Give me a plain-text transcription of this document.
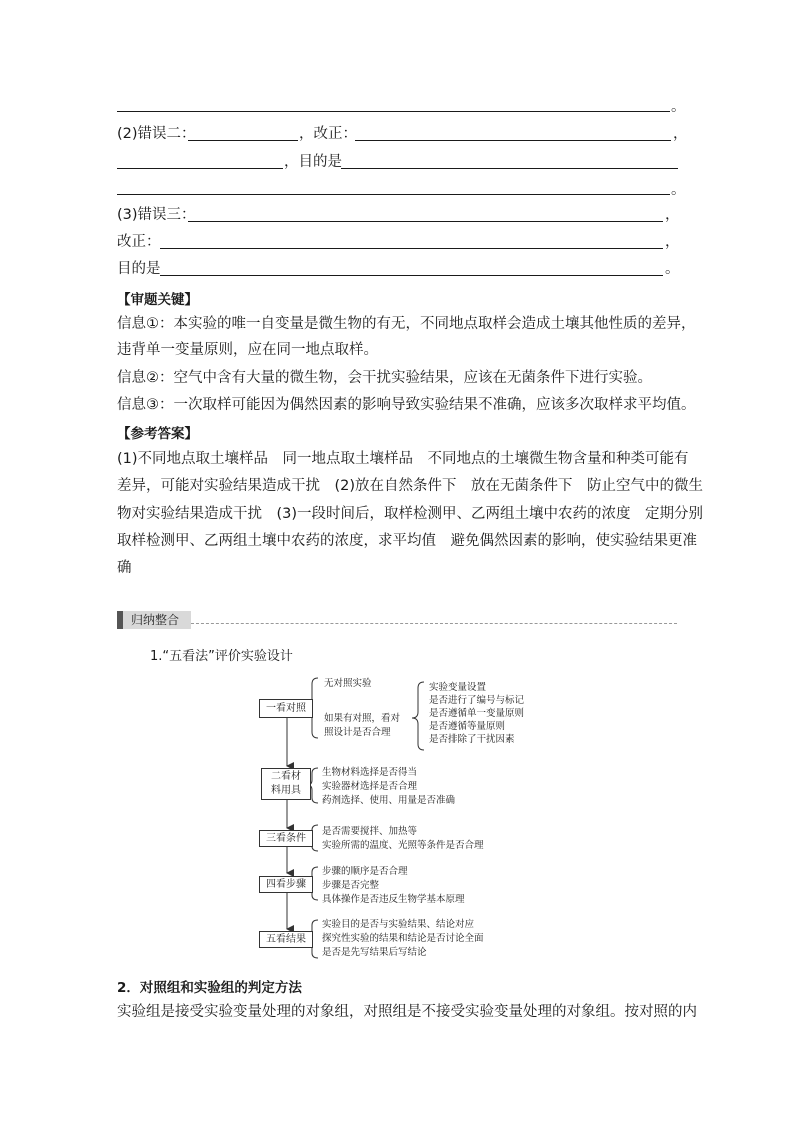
。
(2)错误二：	，改正：	，
，目的是
。
(3)错误三：	，
改正：	，
目的是	。
【审题关键】
信息①：本实验的唯一自变量是微生物的有无，不同地点取样会造成土壤其他性质的差异，
违背单一变量原则，应在同一地点取样。
信息②：空气中含有大量的微生物，会干扰实验结果，应该在无菌条件下进行实验。
信息③：一次取样可能因为偶然因素的影响导致实验结果不准确，应该多次取样求平均值。
【参考答案】
(1)不同地点取土壤样品　同一地点取土壤样品　不同地点的土壤微生物含量和种类可能有
差异，可能对实验结果造成干扰　(2)放在自然条件下　放在无菌条件下　防止空气中的微生
物对实验结果造成干扰　(3)一段时间后，取样检测甲、乙两组土壤中农药的浓度　定期分别
取样检测甲、乙两组土壤中农药的浓度，求平均值　避免偶然因素的影响，使实验结果更准
确
归纳整合
1.“五看法”评价实验设计
一看对照
二看材
料用具
三看条件
四看步骤
五看结果
无对照实验
如果有对照，看对
照设计是否合理
实验变量设置
是否进行了编号与标记
是否遵循单一变量原则
是否遵循等量原则
是否排除了干扰因素
生物材料选择是否得当
实验器材选择是否合理
药剂选择、使用、用量是否准确
是否需要搅拌、加热等
实验所需的温度、光照等条件是否合理
步骤的顺序是否合理
步骤是否完整
具体操作是否违反生物学基本原理
实验目的是否与实验结果、结论对应
探究性实验的结果和结论是否讨论全面
是否是先写结果后写结论
2．对照组和实验组的判定方法
实验组是接受实验变量处理的对象组，对照组是不接受实验变量处理的对象组。按对照的内
